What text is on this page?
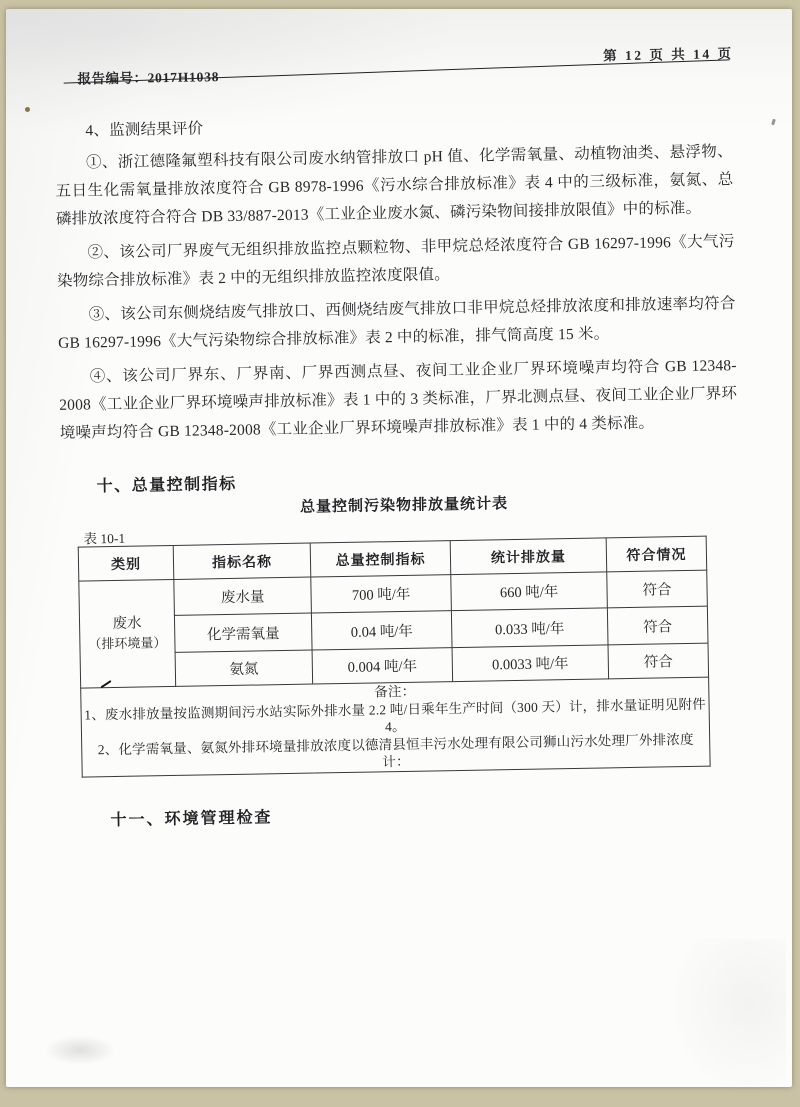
报告编号：2017H1038
第 12 页 共 14 页

4、监测结果评价

①、浙江德隆氟塑科技有限公司废水纳管排放口 pH 值、化学需氧量、动植物油类、悬浮物、五日生化需氧量排放浓度符合 GB 8978-1996《污水综合排放标准》表 4 中的三级标准，氨氮、总磷排放浓度符合符合 DB 33/887-2013《工业企业废水氮、磷污染物间接排放限值》中的标准。

②、该公司厂界废气无组织排放监控点颗粒物、非甲烷总烃浓度符合 GB 16297-1996《大气污染物综合排放标准》表 2 中的无组织排放监控浓度限值。

③、该公司东侧烧结废气排放口、西侧烧结废气排放口非甲烷总烃排放浓度和排放速率均符合 GB 16297-1996《大气污染物综合排放标准》表 2 中的标准，排气筒高度 15 米。

④、该公司厂界东、厂界南、厂界西测点昼、夜间工业企业厂界环境噪声均符合 GB 12348-2008《工业企业厂界环境噪声排放标准》表 1 中的 3 类标准，厂界北测点昼、夜间工业企业厂界环境噪声均符合 GB 12348-2008《工业企业厂界环境噪声排放标准》表 1 中的 4 类标准。

十、总量控制指标
总量控制污染物排放量统计表
表 10-1
类别	指标名称	总量控制指标	统计排放量	符合情况

废水
（排环境量）	废水量	700 吨/年	660 吨/年	符合
	化学需氧量	0.04 吨/年	0.033 吨/年	符合
	氨氮	0.004 吨/年	0.0033 吨/年	符合

备注：
1、废水排放量按监测期间污水站实际外排水量 2.2 吨/日乘年生产时间（300 天）计，排水量证明见附件 4。
2、化学需氧量、氨氮外排环境量排放浓度以德清县恒丰污水处理有限公司狮山污水处理厂外排浓度计：				
十一、环境管理检查
